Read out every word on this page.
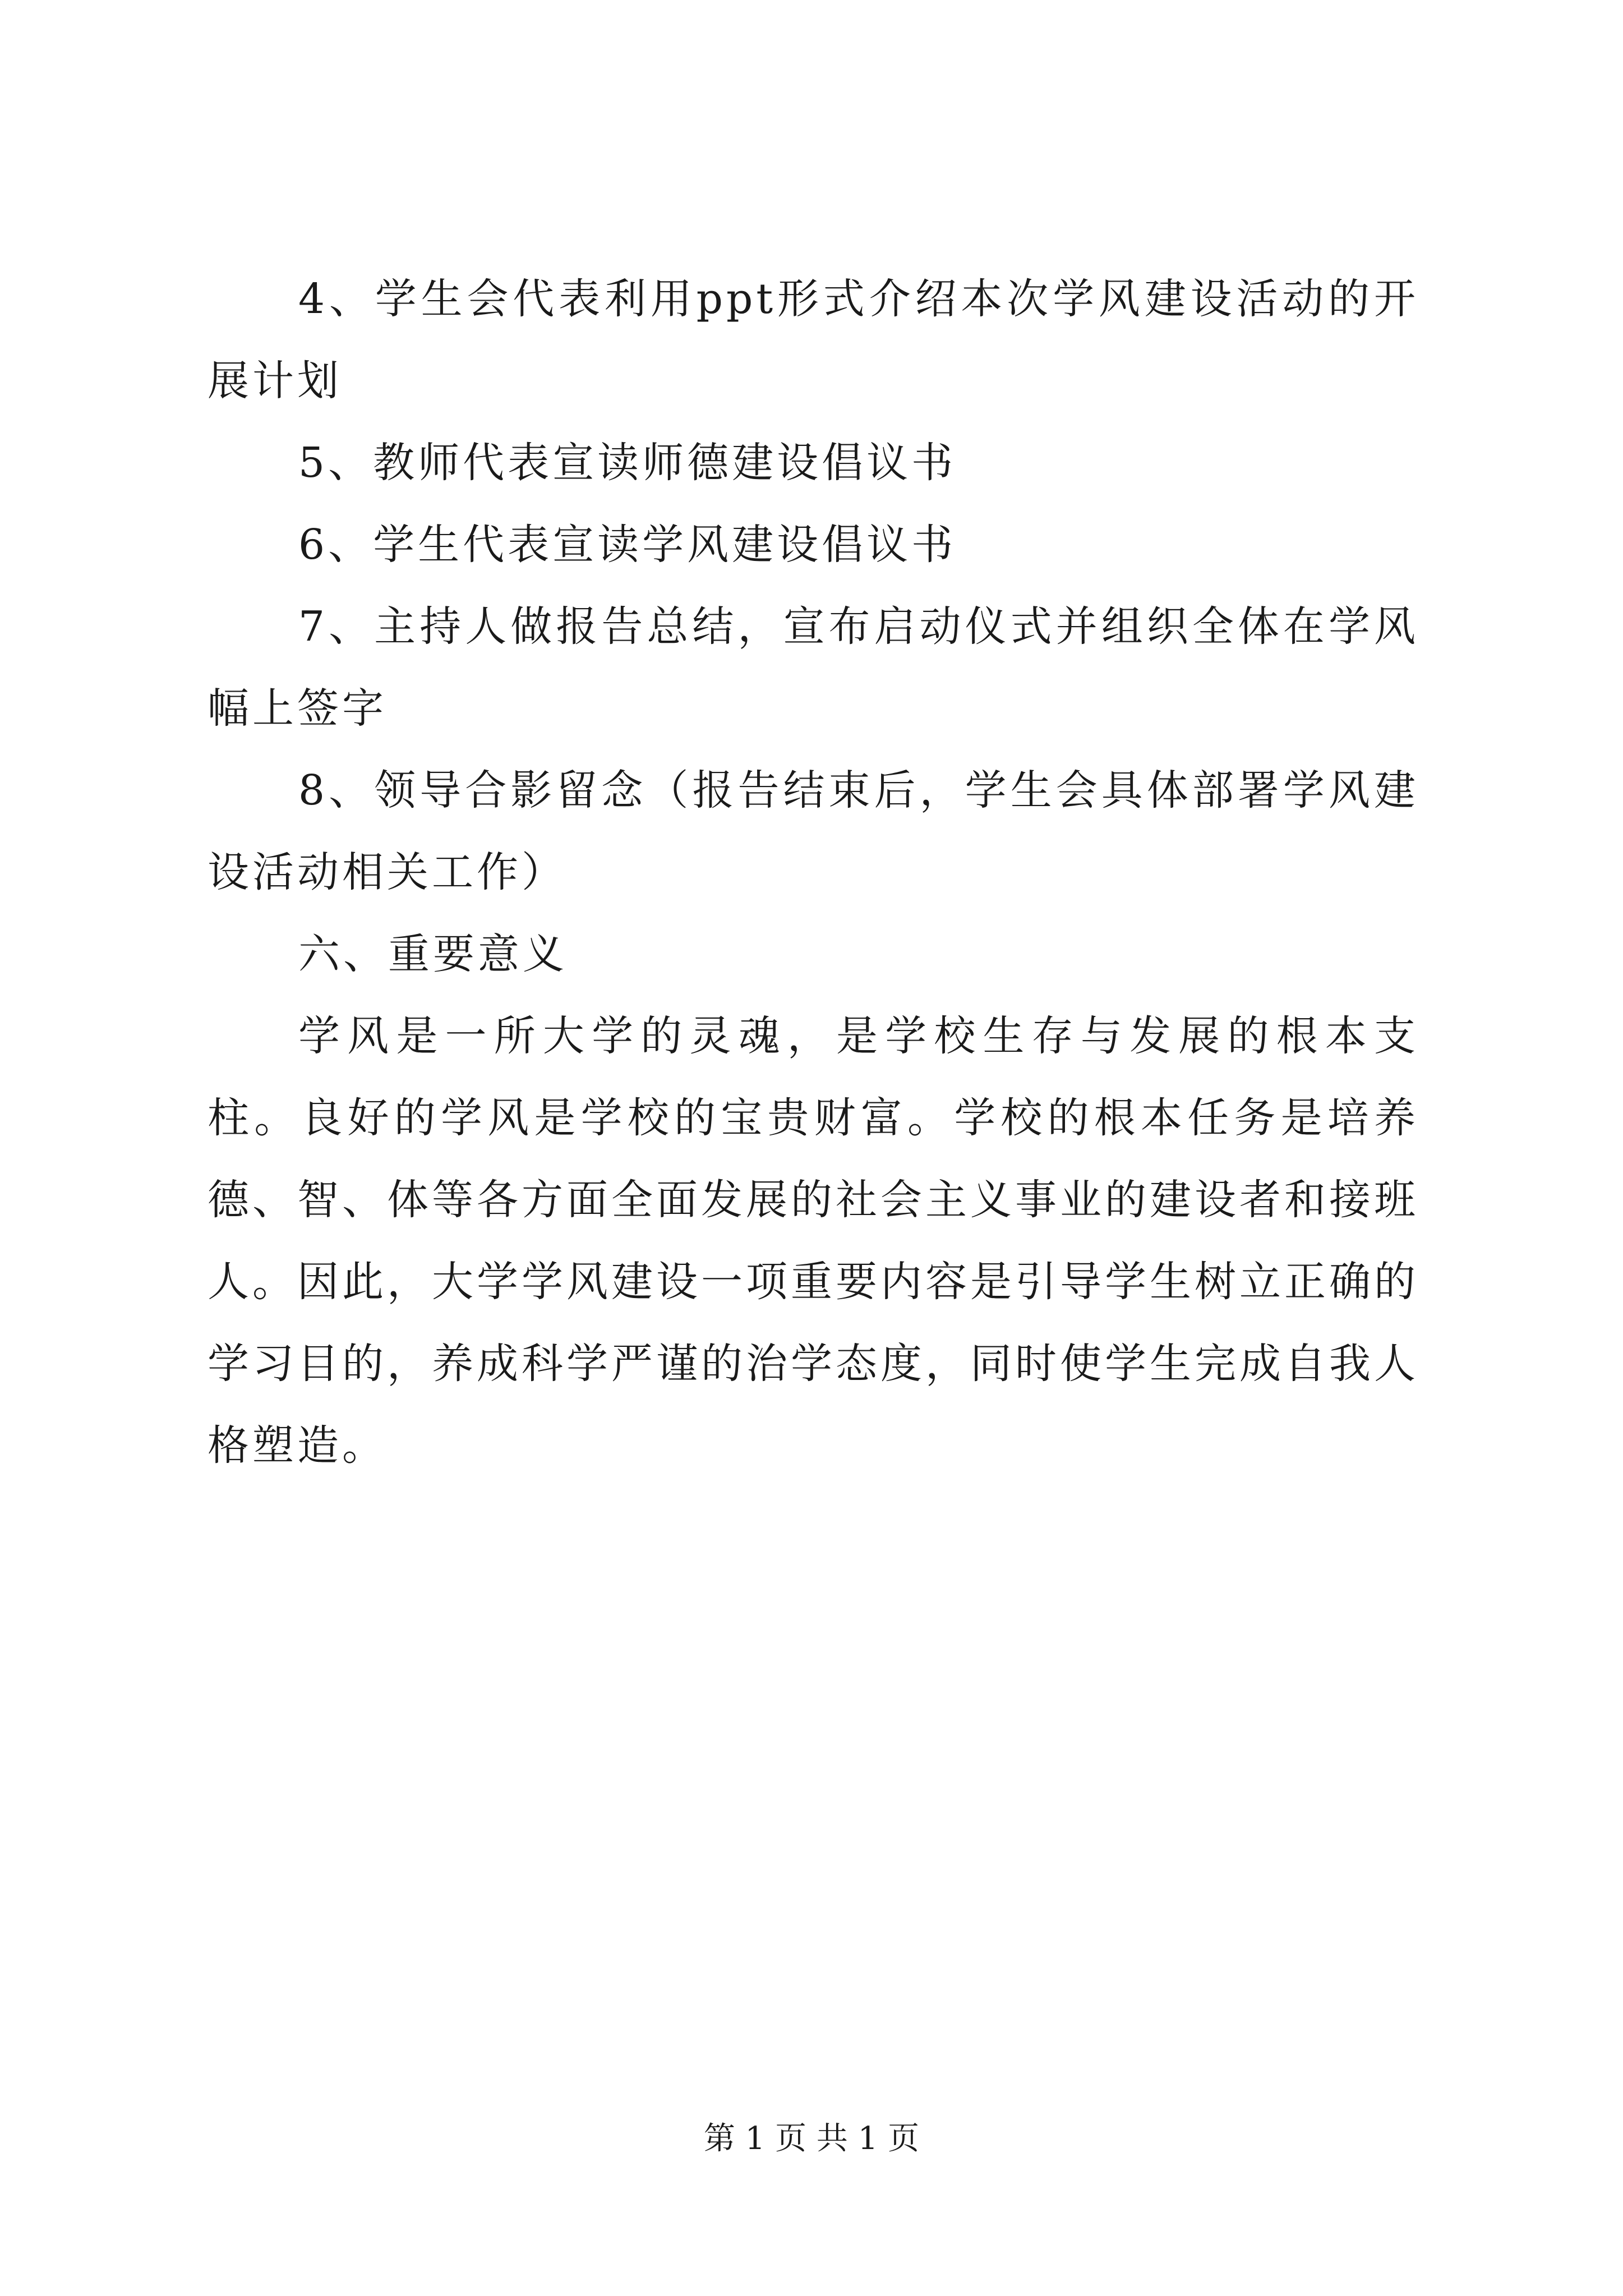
4、学生会代表利用ppt形式介绍本次学风建设活动的开展计划

5、教师代表宣读师德建设倡议书

6、学生代表宣读学风建设倡议书

7、主持人做报告总结，宣布启动仪式并组织全体在学风幅上签字

8、领导合影留念（报告结束后，学生会具体部署学风建设活动相关工作）

六、重要意义

学风是一所大学的灵魂，是学校生存与发展的根本支柱。良好的学风是学校的宝贵财富。学校的根本任务是培养德、智、体等各方面全面发展的社会主义事业的建设者和接班人。因此，大学学风建设一项重要内容是引导学生树立正确的学习目的，养成科学严谨的治学态度，同时使学生完成自我人格塑造。

第 1 页 共 1 页
